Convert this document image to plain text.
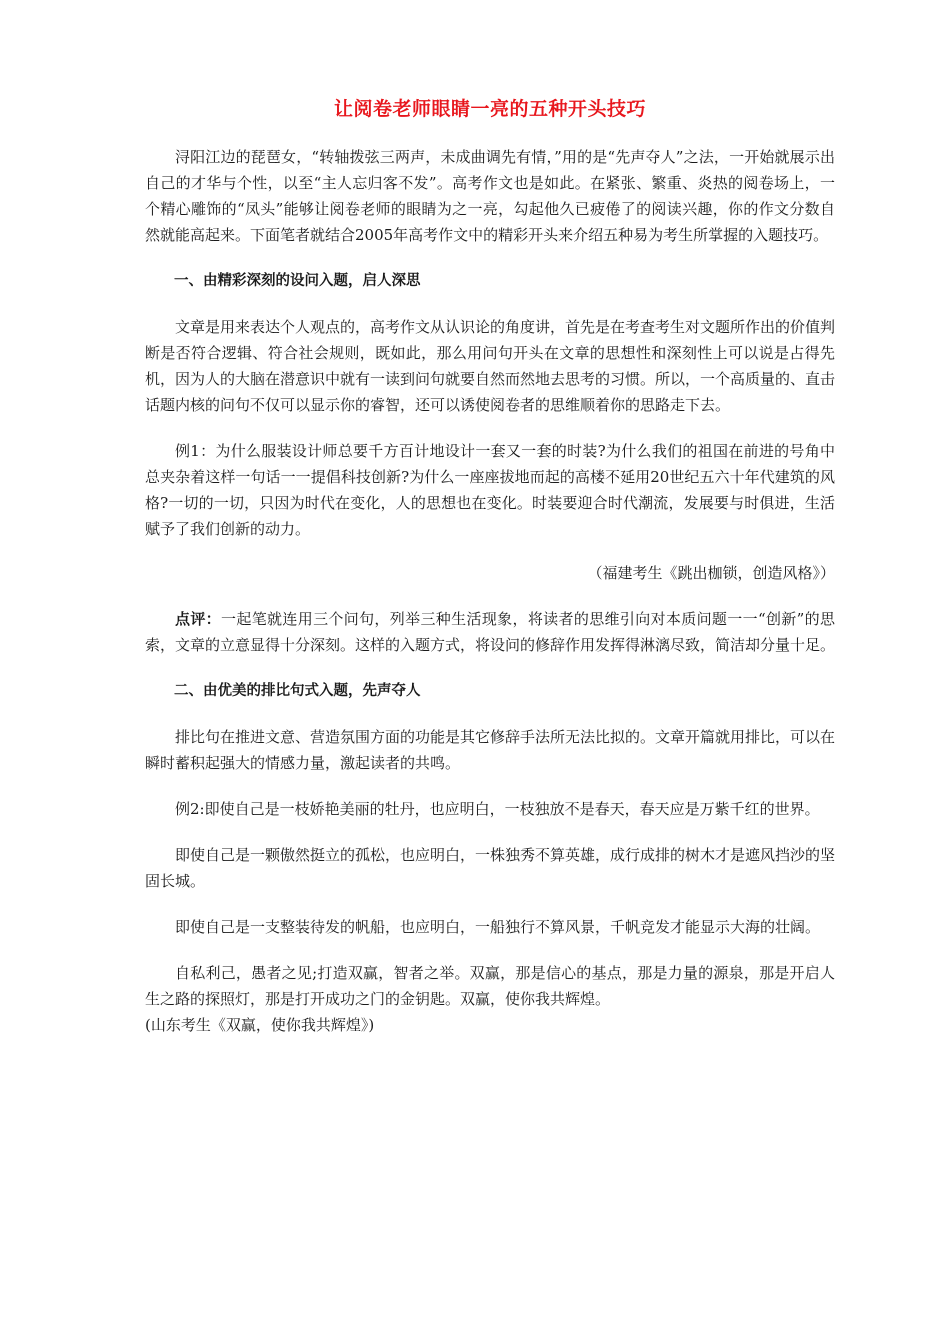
让阅卷老师眼睛一亮的五种开头技巧

浔阳江边的琵琶女，“转轴拨弦三两声，未成曲调先有情，”用的是“先声夺人”之法，一开始就展示出自己的才华与个性，以至“主人忘归客不发”。高考作文也是如此。在紧张、繁重、炎热的阅卷场上，一个精心雕饰的“凤头”能够让阅卷老师的眼睛为之一亮，勾起他久已疲倦了的阅读兴趣，你的作文分数自然就能高起来。下面笔者就结合2005年高考作文中的精彩开头来介绍五种易为考生所掌握的入题技巧。

一、由精彩深刻的设问入题，启人深思

文章是用来表达个人观点的，高考作文从认识论的角度讲，首先是在考查考生对文题所作出的价值判断是否符合逻辑、符合社会规则，既如此，那么用问句开头在文章的思想性和深刻性上可以说是占得先机，因为人的大脑在潜意识中就有一读到问句就要自然而然地去思考的习惯。所以，一个高质量的、直击话题内核的问句不仅可以显示你的睿智，还可以诱使阅卷者的思维顺着你的思路走下去。

例1：为什么服装设计师总要千方百计地设计一套又一套的时装?为什么我们的祖国在前进的号角中总夹杂着这样一句话一一提倡科技创新?为什么一座座拔地而起的高楼不延用20世纪五六十年代建筑的风格?一切的一切，只因为时代在变化，人的思想也在变化。时装要迎合时代潮流，发展要与时俱进，生活赋予了我们创新的动力。

（福建考生《跳出枷锁，创造风格》）

点评：一起笔就连用三个问句，列举三种生活现象，将读者的思维引向对本质问题一一“创新”的思索，文章的立意显得十分深刻。这样的入题方式，将设问的修辞作用发挥得淋漓尽致，简洁却分量十足。

二、由优美的排比句式入题，先声夺人

排比句在推进文意、营造氛围方面的功能是其它修辞手法所无法比拟的。文章开篇就用排比，可以在瞬时蓄积起强大的情感力量，激起读者的共鸣。

例2:即使自己是一枝娇艳美丽的牡丹，也应明白，一枝独放不是春天，春天应是万紫千红的世界。

即使自己是一颗傲然挺立的孤松，也应明白，一株独秀不算英雄，成行成排的树木才是遮风挡沙的坚固长城。

即使自己是一支整装待发的帆船，也应明白，一船独行不算风景，千帆竞发才能显示大海的壮阔。

自私利己，愚者之见;打造双赢，智者之举。双赢，那是信心的基点，那是力量的源泉，那是开启人生之路的探照灯，那是打开成功之门的金钥匙。双赢，使你我共辉煌。

(山东考生《双赢，使你我共辉煌》)
